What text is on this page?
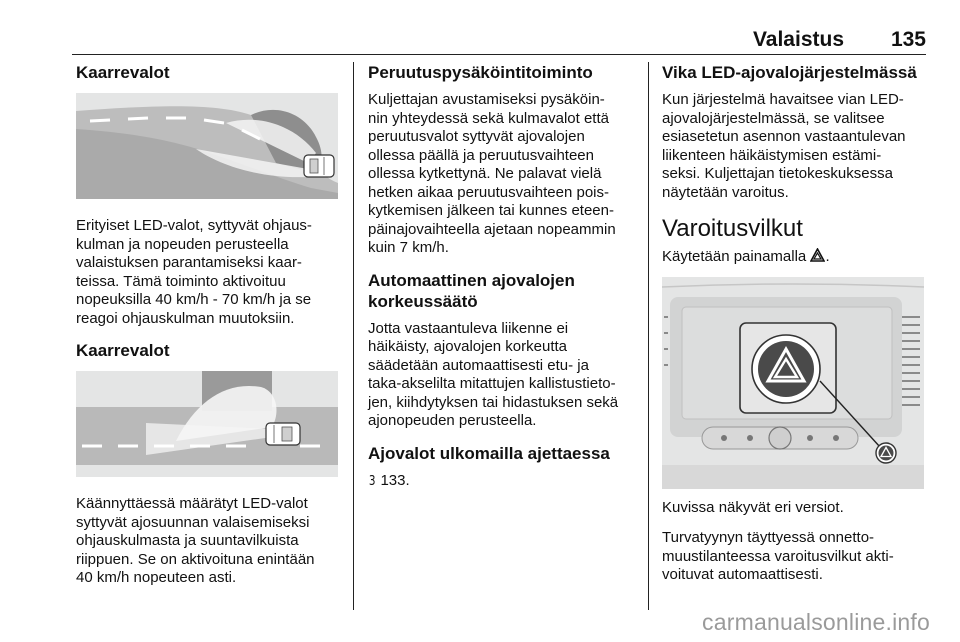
Valaistus 135
Kaarrevalot

Erityiset LED-valot, syttyvät ohjaus-
kulman ja nopeuden perusteella
valaistuksen parantamiseksi kaar-
teissa. Tämä toiminto aktivoituu
nopeuksilla 40 km/h - 70 km/h ja se
reagoi ohjauskulman muutoksiin.

Kaarrevalot

Käännyttäessä määrätyt LED-valot
syttyvät ajosuunnan valaisemiseksi
ohjauskulmasta ja suuntavilkuista
riippuen. Se on aktivoituna enintään
40 km/h nopeuteen asti.

Peruutuspysäköintitoiminto

Kuljettajan avustamiseksi pysäköin-
nin yhteydessä sekä kulmavalot että
peruutusvalot syttyvät ajovalojen
ollessa päällä ja peruutusvaihteen
ollessa kytkettynä. Ne palavat vielä
hetken aikaa peruutusvaihteen pois-
kytkemisen jälkeen tai kunnes eteen-
päinajovaihteella ajetaan nopeammin
kuin 7 km/h.

Automaattinen ajovalojen
korkeussäätö

Jotta vastaantuleva liikenne ei
häikäisty, ajovalojen korkeutta
säädetään automaattisesti etu- ja
taka-akselilta mitattujen kallistustieto-
jen, kiihdytyksen tai hidastuksen sekä
ajonopeuden perusteella.

Ajovalot ulkomailla ajettaessa
3 133.
Vika LED-ajovalojärjestelmässä

Kun järjestelmä havaitsee vian LED-
ajovalojärjestelmässä, se valitsee
esiasetetun asennon vastaantulevan
liikenteen häikäistymisen estämi-
seksi. Kuljettajan tietokeskuksessa
näytetään varoitus.

Varoitusvilkut

Käytetään painamalla .

Kuvissa näkyvät eri versiot.

Turvatyynyn täyttyessä onnetto-
muustilanteessa varoitusvilkut akti-
voituvat automaattisesti.

carmanualsonline.info
